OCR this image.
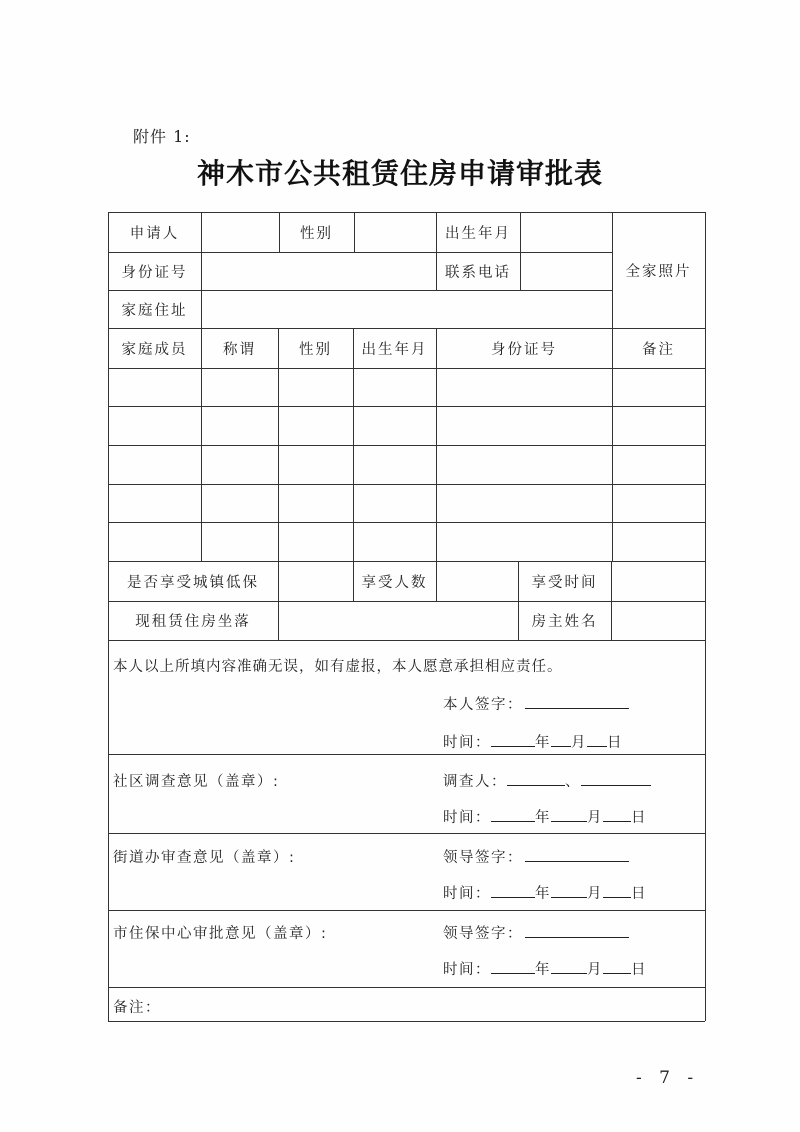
附件 1:
神木市公共租赁住房申请审批表
申请人	性别	出生年月
全家照片
身份证号	联系电话
家庭住址
家庭成员	称谓	性别	出生年月	身份证号	备注
是否享受城镇低保	享受人数	享受时间
现租赁住房坐落	房主姓名
本人以上所填内容准确无误，如有虚报，本人愿意承担相应责任。
本人签字：
时间：	年 月 日
社区调查意见（盖章）:	调查人：	、
时间：	年 月 日
街道办审查意见（盖章）:	领导签字：
时间：	年 月 日
市住保中心审批意见（盖章）:	领导签字：
时间：	年 月 日
备注：
- 7 -
